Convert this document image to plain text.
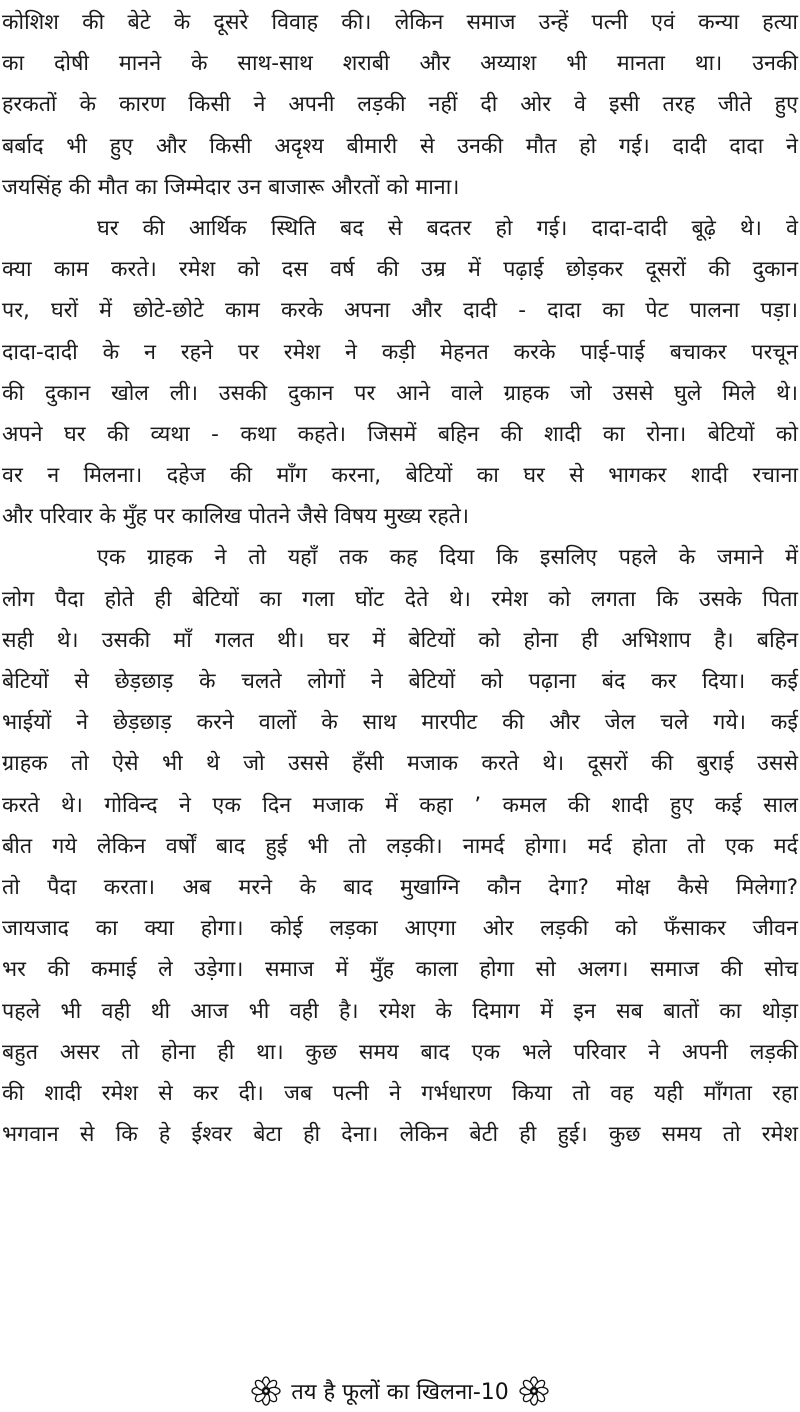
कोशिश की बेटे के दूसरे विवाह की। लेकिन समाज उन्हें पत्नी एवं कन्या हत्या
का दोषी मानने के साथ-साथ शराबी और अय्याश भी मानता था। उनकी
हरकतों के कारण किसी ने अपनी लड़की नहीं दी ओर वे इसी तरह जीते हुए
बर्बाद भी हुए और किसी अदृश्य बीमारी से उनकी मौत हो गई। दादी दादा ने
जयसिंह की मौत का जिम्मेदार उन बाजारू औरतों को माना।
घर की आर्थिक स्थिति बद से बदतर हो गई। दादा-दादी बूढ़े थे। वे
क्या काम करते। रमेश को दस वर्ष की उम्र में पढ़ाई छोड़कर दूसरों की दुकान
पर, घरों में छोटे-छोटे काम करके अपना और दादी - दादा का पेट पालना पड़ा।
दादा-दादी के न रहने पर रमेश ने कड़ी मेहनत करके पाई-पाई बचाकर परचून
की दुकान खोल ली। उसकी दुकान पर आने वाले ग्राहक जो उससे घुले मिले थे।
अपने घर की व्यथा - कथा कहते। जिसमें बहिन की शादी का रोना। बेटियों को
वर न मिलना। दहेज की माँग करना, बेटियों का घर से भागकर शादी रचाना
और परिवार के मुँह पर कालिख पोतने जैसे विषय मुख्य रहते।
एक ग्राहक ने तो यहाँ तक कह दिया कि इसलिए पहले के जमाने में
लोग पैदा होते ही बेटियों का गला घोंट देते थे। रमेश को लगता कि उसके पिता
सही थे। उसकी माँ गलत थी। घर में बेटियों को होना ही अभिशाप है। बहिन
बेटियों से छेड़छाड़ के चलते लोगों ने बेटियों को पढ़ाना बंद कर दिया। कई
भाईयों ने छेड़छाड़ करने वालों के साथ मारपीट की और जेल चले गये। कई
ग्राहक तो ऐसे भी थे जो उससे हँसी मजाक करते थे। दूसरों की बुराई उससे
करते थे। गोविन्द ने एक दिन मजाक में कहा ’ कमल की शादी हुए कई साल
बीत गये लेकिन वर्षों बाद हुई भी तो लड़की। नामर्द होगा। मर्द होता तो एक मर्द
तो पैदा करता। अब मरने के बाद मुखाग्नि कौन देगा? मोक्ष कैसे मिलेगा?
जायजाद का क्या होगा। कोई लड़का आएगा ओर लड़की को फँसाकर जीवन
भर की कमाई ले उड़ेगा। समाज में मुँह काला होगा सो अलग। समाज की सोच
पहले भी वही थी आज भी वही है। रमेश के दिमाग में इन सब बातों का थोड़ा
बहुत असर तो होना ही था। कुछ समय बाद एक भले परिवार ने अपनी लड़की
की शादी रमेश से कर दी। जब पत्नी ने गर्भधारण किया तो वह यही माँगता रहा
भगवान से कि हे ईश्वर बेटा ही देना। लेकिन बेटी ही हुई। कुछ समय तो रमेश
तय है फूलों का खिलना-10
